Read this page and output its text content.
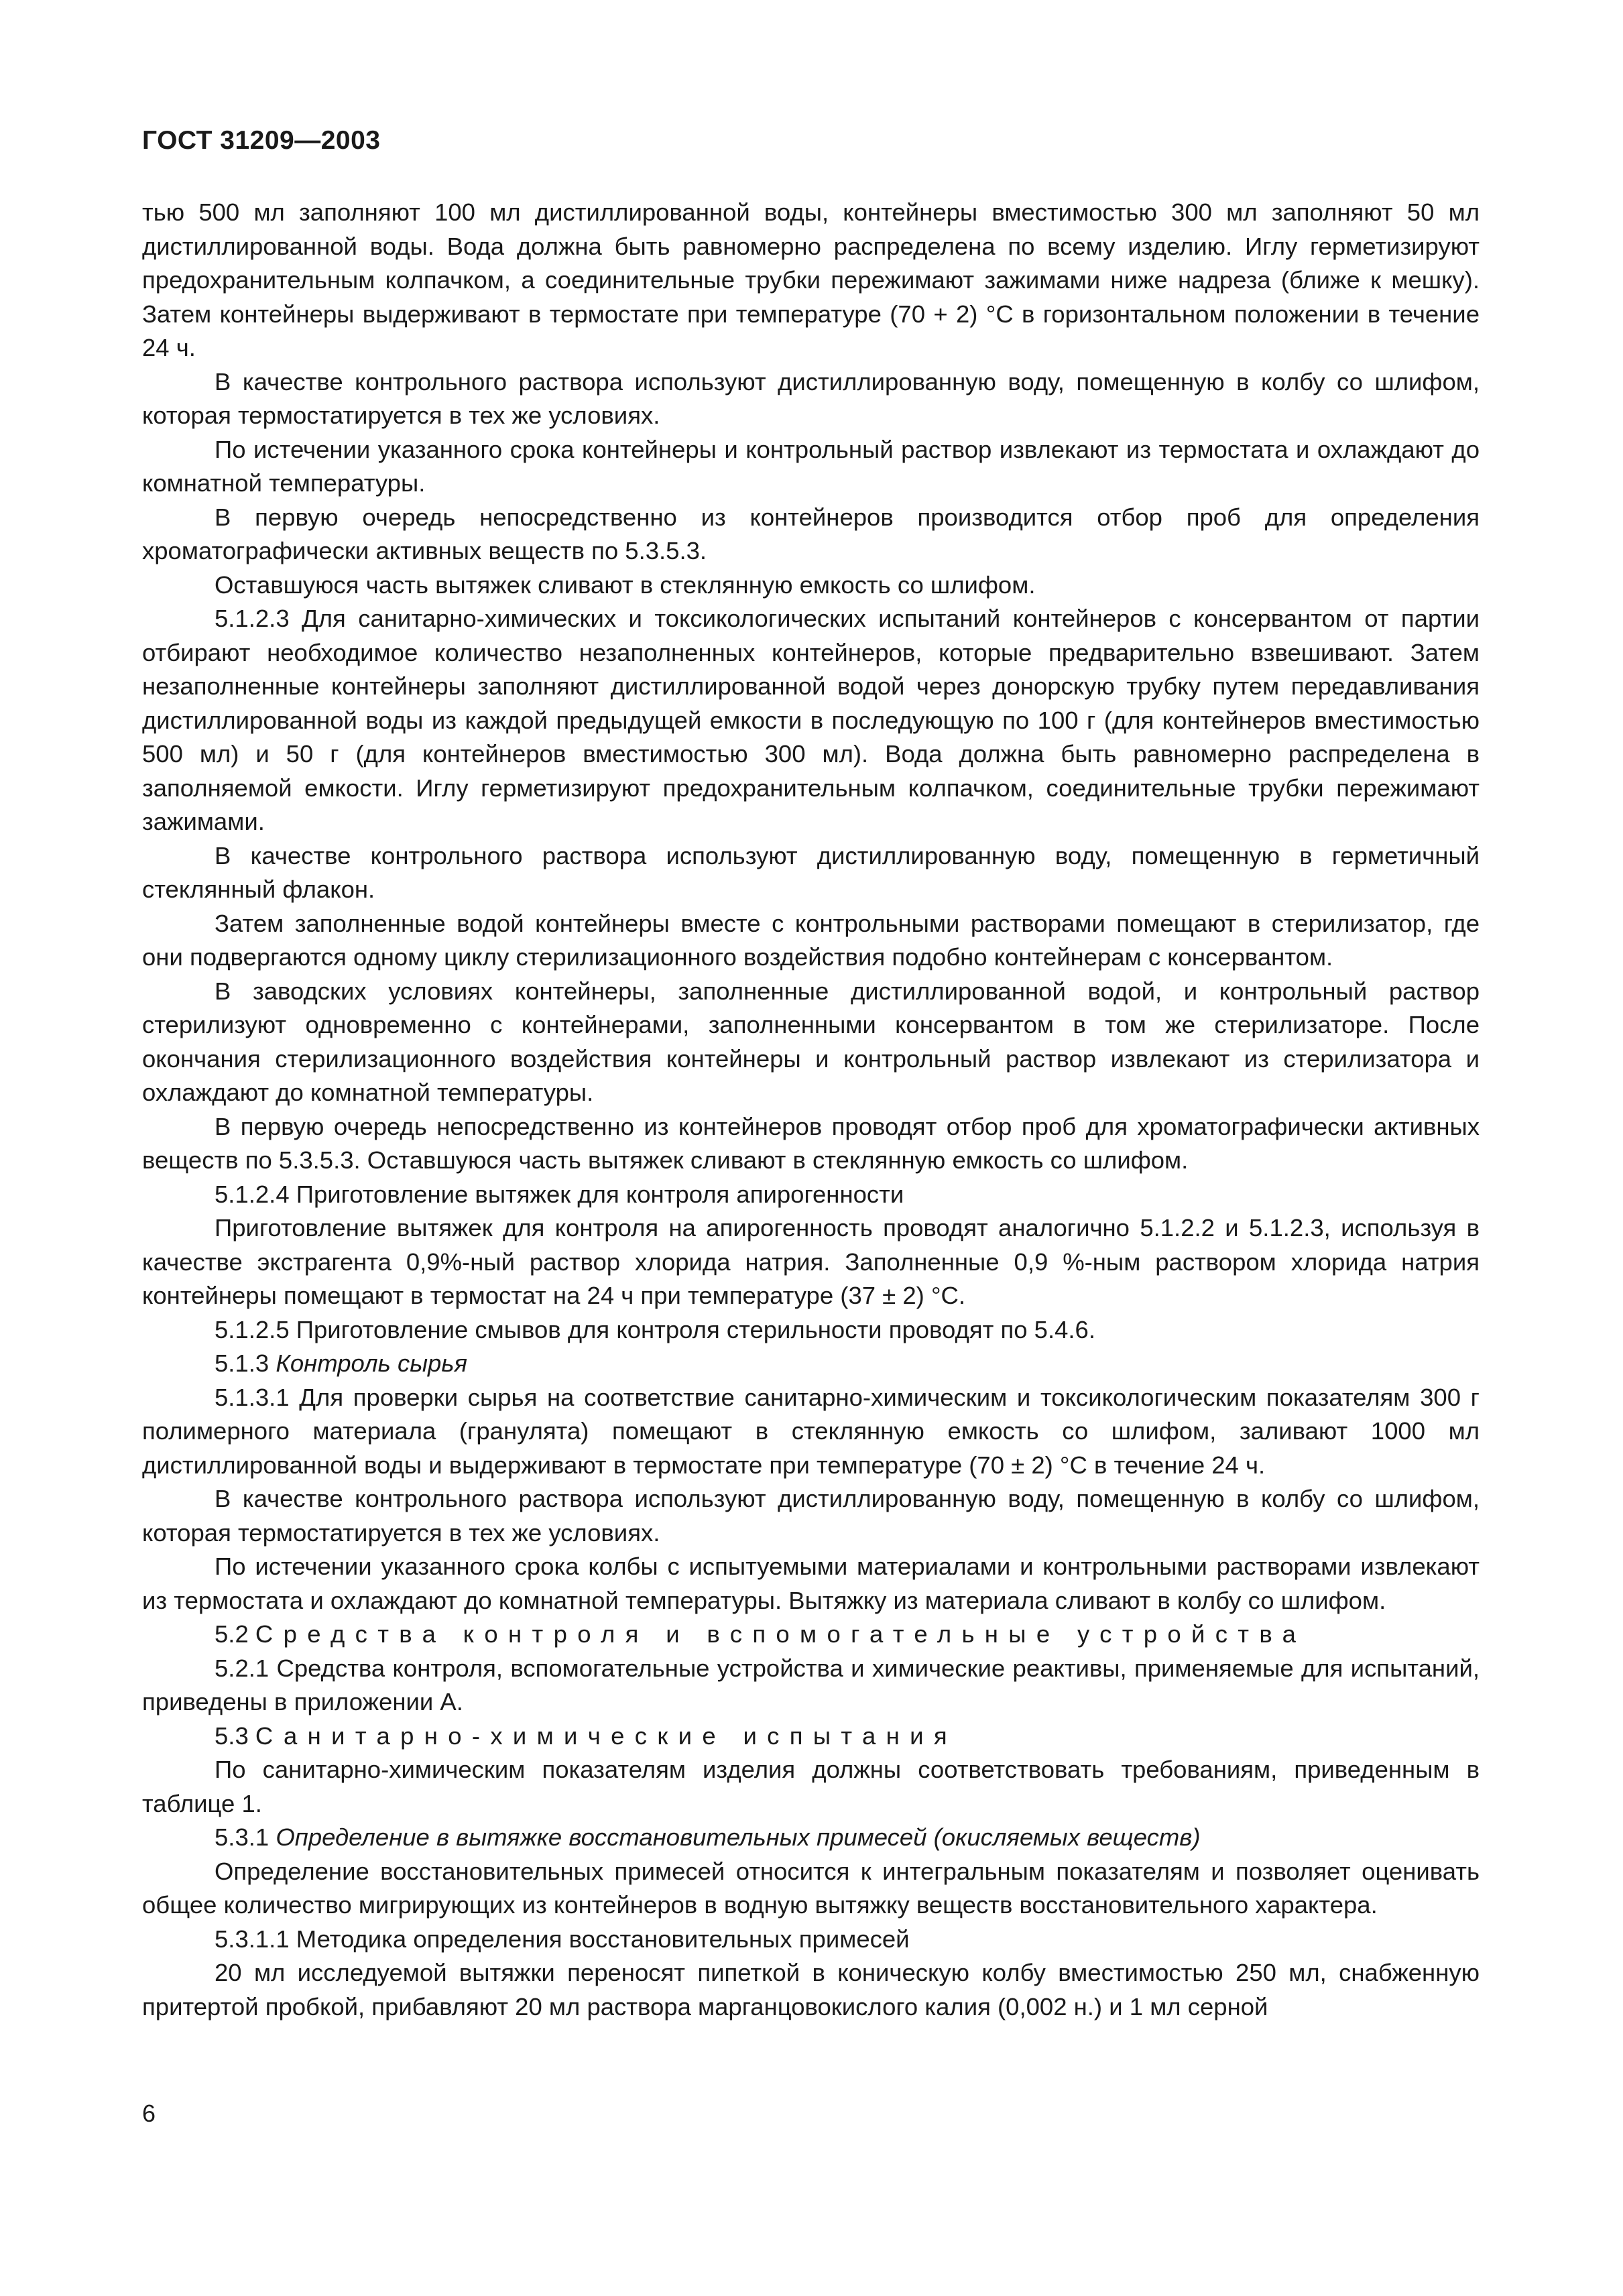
ГОСТ 31209—2003

тью 500 мл заполняют 100 мл дистиллированной воды, контейнеры вместимостью 300 мл заполняют 50 мл дистиллированной воды. Вода должна быть равномерно распределена по всему изделию. Иглу герметизируют предохранительным колпачком, а соединительные трубки пережимают зажимами ниже надреза (ближе к мешку). Затем контейнеры выдерживают в термостате при температуре (70 + 2) °С в горизонтальном положении в течение 24 ч.

В качестве контрольного раствора используют дистиллированную воду, помещенную в колбу со шлифом, которая термостатируется в тех же условиях.

По истечении указанного срока контейнеры и контрольный раствор извлекают из термостата и охлаждают до комнатной температуры.

В первую очередь непосредственно из контейнеров производится отбор проб для определения хроматографически активных веществ по 5.3.5.3.

Оставшуюся часть вытяжек сливают в стеклянную емкость со шлифом.

5.1.2.3 Для санитарно-химических и токсикологических испытаний контейнеров с консервантом от партии отбирают необходимое количество незаполненных контейнеров, которые предварительно взвешивают. Затем незаполненные контейнеры заполняют дистиллированной водой через донорскую трубку путем передавливания дистиллированной воды из каждой предыдущей емкости в последующую по 100 г (для контейнеров вместимостью 500 мл) и 50 г (для контейнеров вместимостью 300 мл). Вода должна быть равномерно распределена в заполняемой емкости. Иглу герметизируют предохранительным колпачком, соединительные трубки пережимают зажимами.

В качестве контрольного раствора используют дистиллированную воду, помещенную в герметичный стеклянный флакон.

Затем заполненные водой контейнеры вместе с контрольными растворами помещают в стерилизатор, где они подвергаются одному циклу стерилизационного воздействия подобно контейнерам с консервантом.

В заводских условиях контейнеры, заполненные дистиллированной водой, и контрольный раствор стерилизуют одновременно с контейнерами, заполненными консервантом в том же стерилизаторе. После окончания стерилизационного воздействия контейнеры и контрольный раствор извлекают из стерилизатора и охлаждают до комнатной температуры.

В первую очередь непосредственно из контейнеров проводят отбор проб для хроматографически активных веществ по 5.3.5.3. Оставшуюся часть вытяжек сливают в стеклянную емкость со шлифом.

5.1.2.4 Приготовление вытяжек для контроля апирогенности

Приготовление вытяжек для контроля на апирогенность проводят аналогично 5.1.2.2 и 5.1.2.3, используя в качестве экстрагента 0,9%-ный раствор хлорида натрия. Заполненные 0,9 %-ным раствором хлорида натрия контейнеры помещают в термостат на 24 ч при температуре (37 ± 2) °С.

5.1.2.5 Приготовление смывов для контроля стерильности проводят по 5.4.6.

5.1.3 Контроль сырья

5.1.3.1 Для проверки сырья на соответствие санитарно-химическим и токсикологическим показателям 300 г полимерного материала (гранулята) помещают в стеклянную емкость со шлифом, заливают 1000 мл дистиллированной воды и выдерживают в термостате при температуре (70 ± 2) °С в течение 24 ч.

В качестве контрольного раствора используют дистиллированную воду, помещенную в колбу со шлифом, которая термостатируется в тех же условиях.

По истечении указанного срока колбы с испытуемыми материалами и контрольными растворами извлекают из термостата и охлаждают до комнатной температуры. Вытяжку из материала сливают в колбу со шлифом.

5.2 Средства контроля и вспомогательные устройства

5.2.1 Средства контроля, вспомогательные устройства и химические реактивы, применяемые для испытаний, приведены в приложении А.

5.3 Санитарно-химические испытания

По санитарно-химическим показателям изделия должны соответствовать требованиям, приведенным в таблице 1.

5.3.1 Определение в вытяжке восстановительных примесей (окисляемых веществ)

Определение восстановительных примесей относится к интегральным показателям и позволяет оценивать общее количество мигрирующих из контейнеров в водную вытяжку веществ восстановительного характера.

5.3.1.1 Методика определения восстановительных примесей

20 мл исследуемой вытяжки переносят пипеткой в коническую колбу вместимостью 250 мл, снабженную притертой пробкой, прибавляют 20 мл раствора марганцовокислого калия (0,002 н.) и 1 мл серной

6
